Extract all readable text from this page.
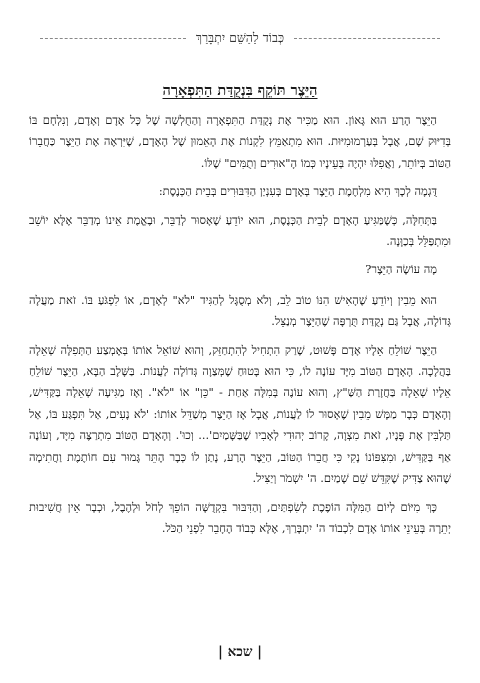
כְּבוֹד לַהַשֵּׁם יִתְבָּרַךְ
הַיֵּצֶר תּוֹקֵף בִּנְקֻדַּת הַתִּפְאָרָה

הַיֵּצֶר הָרַע הוּא גָּאוֹן. הוּא מַכִּיר אֶת נְקֻדַּת הַתִּפְאָרָה וְהַחֻלְשָׁה שֶׁל כָּל אָדָם וְאָדָם, וְנִלְחָם בּוֹ בְּדִיּוּק שָׁם, אֲבָל בְּעַרְמוּמִיּוּת. הוּא מִתְאַמֵּץ לִקְנוֹת אֶת הָאֵמוּן שֶׁל הָאָדָם, שֶׁיִּרְאֶה אֶת הַיֵּצֶר כַּחֲבֵרוֹ הַטּוֹב בְּיוֹתֵר, וַאֲפִלּוּ יִהְיֶה בְּעֵינָיו כְּמוֹ הָ"אוּרִים וְתֻמִּים" שֶׁלּוֹ.

דֻּגְמָה לְכָךְ הִיא מִלְחֶמֶת הַיֵּצֶר בְּאָדָם בְּעִנְיַן הַדִּבּוּרִים בְּבֵית הַכְּנֶסֶת:

בַּתְּחִלָּה, כְּשֶׁמַּגִּיעַ הָאָדָם לְבֵית הַכְּנֶסֶת, הוּא יוֹדֵעַ שֶׁאָסוּר לְדַבֵּר, וּבֶאֱמֶת אֵינוֹ מְדַבֵּר אֶלָּא יוֹשֵׁב וּמִתְפַּלֵּל בְּכַוָּנָה.

מָה עוֹשֶׂה הַיֵּצֶר?

הוּא מֵבִין וְיוֹדֵעַ שֶׁהָאִישׁ הִנּוֹ טוֹב לֵב, וְלֹא מְסֻגָּל לְהַגִּיד "לֹא" לְאָדָם, אוֹ לִפְגֹּעַ בּוֹ. זֹאת מַעֲלָה גְּדוֹלָה, אֲבָל גַּם נְקֻדַּת תֻּרְפָּה שֶׁהַיֵּצֶר מְנַצֵּל.

הַיֵּצֶר שׁוֹלֵחַ אֵלָיו אָדָם פָּשׁוּט, שֶׁרַק הִתְחִיל לְהִתְחַזֵּק, וְהוּא שׁוֹאֵל אוֹתוֹ בְּאֶמְצַע הַתְּפִלָּה שְׁאֵלָה בַּהֲלָכָה. הָאָדָם הַטּוֹב מִיָּד עוֹנֶה לוֹ, כִּי הוּא בָּטוּחַ שֶׁמְּצַוָה גְּדוֹלָה לַעֲנוֹת. בַּשָּׁלָב הַבָּא, הַיֵּצֶר שׁוֹלֵחַ אֵלָיו שְׁאֵלָה בַּחֲזָרַת הַשַּׁ"ץ, וְהוּא עוֹנֶה בְּמִלָּה אַחַת - "כֵּן" אוֹ "לֹא". וְאָז מַגִּיעָה שְׁאֵלָה בַּקַּדִּישׁ, וְהָאָדָם כְּבָר מַמָּשׁ מֵבִין שֶׁאָסוּר לוֹ לַעֲנוֹת, אֲבָל אָז הַיֵּצֶר מְשַׁדֵּל אוֹתוֹ: 'לֹא נָעִים, אַל תִּפְגַּע בּוֹ, אַל תַּלְבִּין אֶת פָּנָיו, זֹאת מִצְוָה, קָרוֹב יְהוּדִי לְאָבִיו שֶׁבַּשָּׁמַיִם'... וְכוּ'. וְהָאָדָם הַטּוֹב מִתְרַצֶּה מִיָּד, וְעוֹנֶה אַף בַּקַּדִּישׁ, וּמִצִּפּוֹנוֹ נָקִי כִּי חֲבֵרוֹ הַטּוֹב, הַיֵּצֶר הָרַע, נָתַן לוֹ כְּבָר הֶתֵּר גָּמוּר עִם חוֹתֶמֶת וַחֲתִימָה שֶׁהוּא צַדִּיק שֶׁקִּדֵּשׁ שֵׁם שָׁמַיִם. ה' יִשְׁמֹר וְיַצִּיל.

כָּךְ מִיּוֹם לְיוֹם הַמִּלָּה הוֹפֶכֶת לְשִׂפְתַּיִם, וְהַדִּבּוּר בִּקְדֻשָּׁה הוֹפֵךְ לְחֹל וּלְהֶבֶל, וּכְבָר אֵין חֲשִׁיבוּת יְתֵרָה בְּעֵינֵי אוֹתוֹ אָדָם לִכְבוֹד ה' יִתְבָּרַךְ, אֶלָּא כְּבוֹד הֶחָבֵר לִפְנֵי הַכֹּל.

| שכא |
